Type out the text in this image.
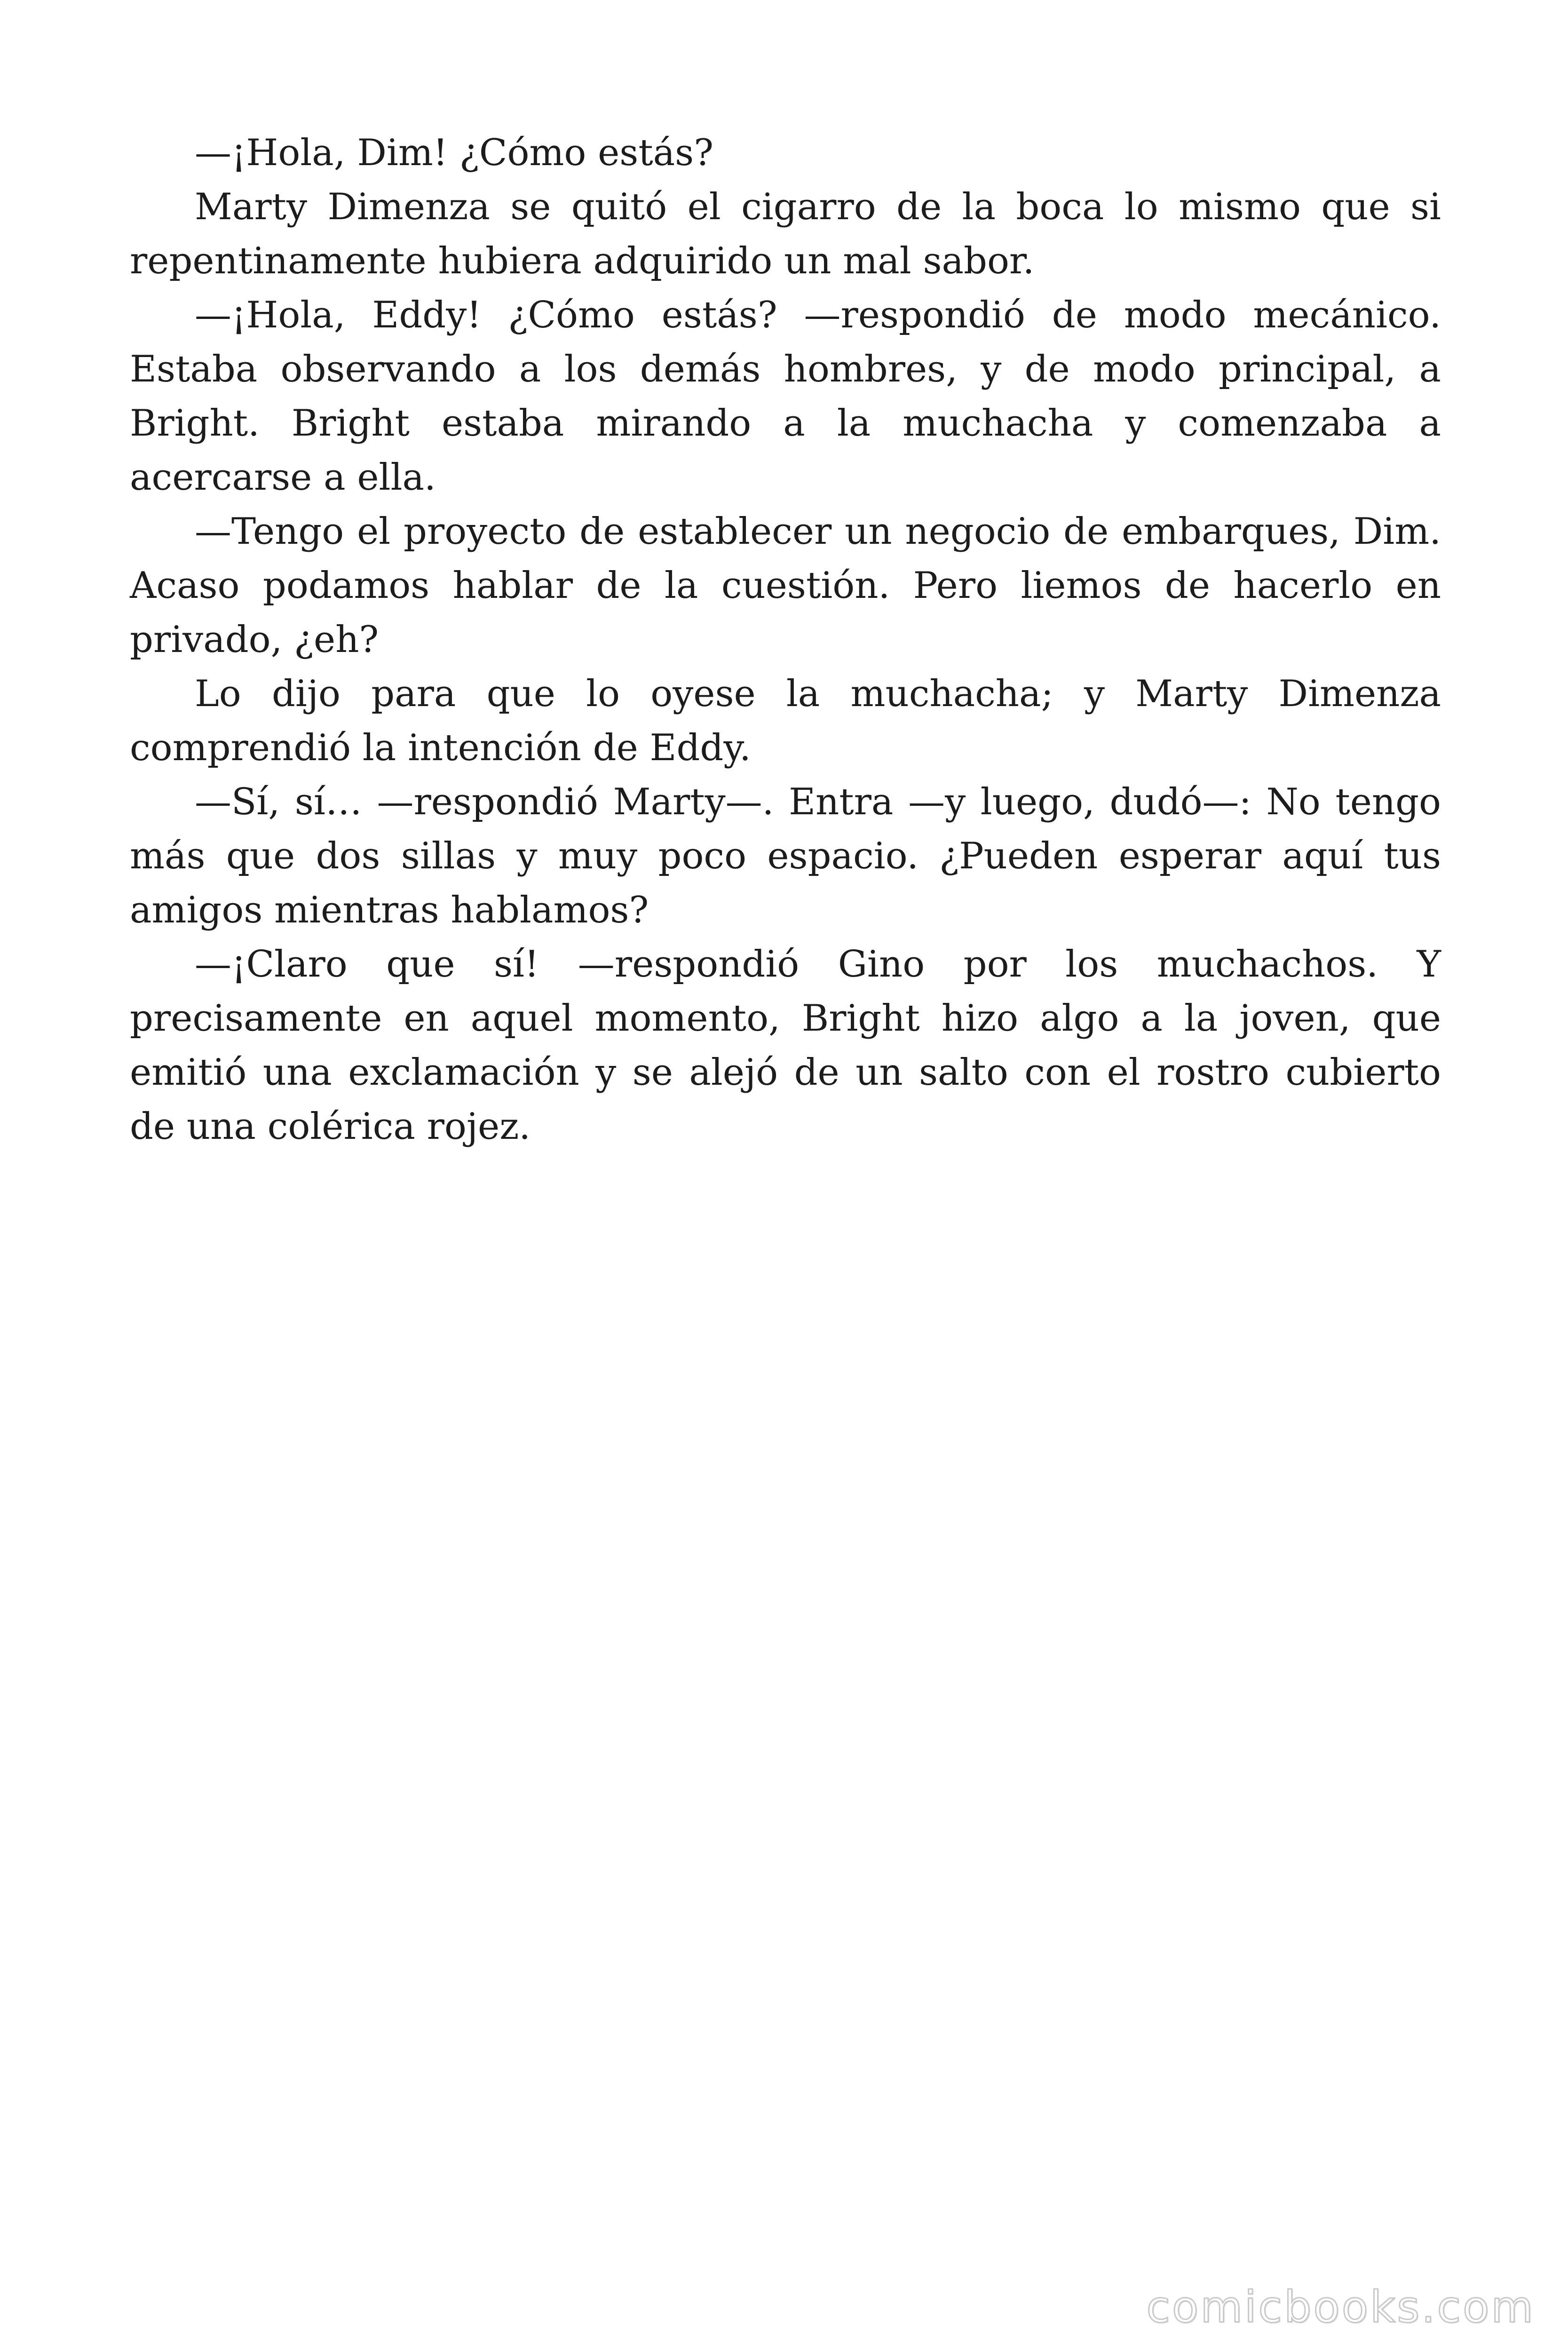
—¡Hola, Dim! ¿Cómo estás?

Marty Dimenza se quitó el cigarro de la boca lo mismo que si repentinamente hubiera adquirido un mal sabor.

—¡Hola, Eddy! ¿Cómo estás? —respondió de modo mecánico. Estaba observando a los demás hombres, y de modo principal, a Bright. Bright estaba mirando a la muchacha y comenzaba a acercarse a ella.

—Tengo el proyecto de establecer un negocio de embarques, Dim. Acaso podamos hablar de la cuestión. Pero liemos de hacerlo en privado, ¿eh?

Lo dijo para que lo oyese la muchacha; y Marty Dimenza comprendió la intención de Eddy.

—Sí, sí… —respondió Marty—. Entra —y luego, dudó—: No tengo más que dos sillas y muy poco espacio. ¿Pueden esperar aquí tus amigos mientras hablamos?

—¡Claro que sí! —respondió Gino por los muchachos. Y precisamente en aquel momento, Bright hizo algo a la joven, que emitió una exclamación y se alejó de un salto con el rostro cubierto de una colérica rojez.

comicbooks.com
